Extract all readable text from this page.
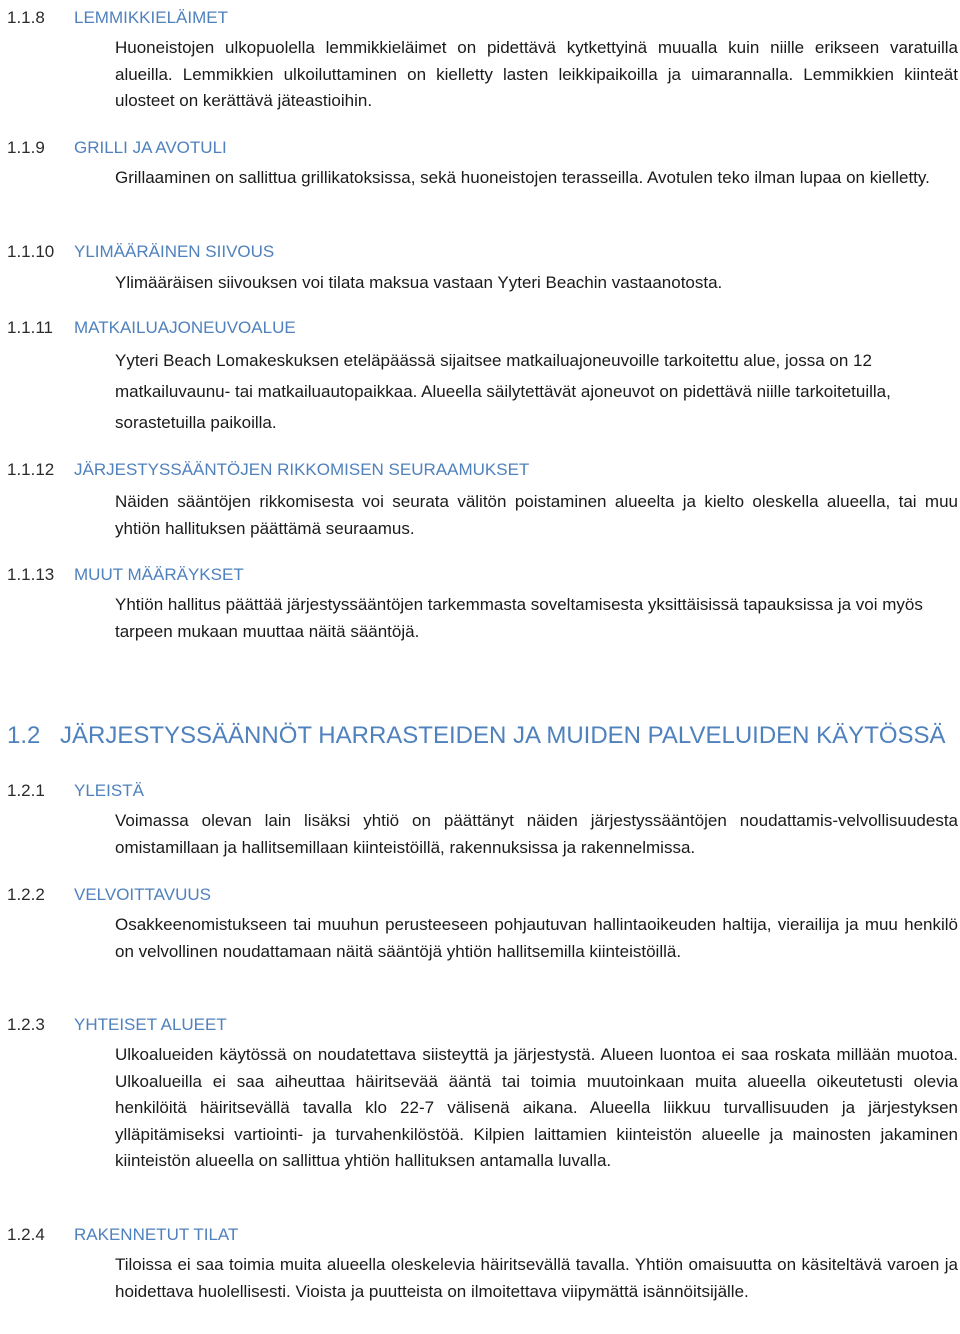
1.1.8 LEMMIKKIELÄIMET

Huoneistojen ulkopuolella lemmikkieläimet on pidettävä kytkettyinä muualla kuin niille erikseen varatuilla alueilla. Lemmikkien ulkoiluttaminen on kielletty lasten leikkipaikoilla ja uimarannalla. Lemmikkien kiinteät ulosteet on kerättävä jäteastioihin.

1.1.9 GRILLI JA AVOTULI

Grillaaminen on sallittua grillikatoksissa, sekä huoneistojen terasseilla. Avotulen teko ilman lupaa on kielletty.

1.1.10 YLIMÄÄRÄINEN SIIVOUS

Ylimääräisen siivouksen voi tilata maksua vastaan Yyteri Beachin vastaanotosta.

1.1.11 MATKAILUAJONEUVOALUE

Yyteri Beach Lomakeskuksen eteläpäässä sijaitsee matkailuajoneuvoille tarkoitettu alue, jossa on 12 matkailuvaunu- tai matkailuautopaikkaa. Alueella säilytettävät ajoneuvot on pidettävä niille tarkoitetuilla, sorastetuilla paikoilla.

1.1.12 JÄRJESTYSSÄÄNTÖJEN RIKKOMISEN SEURAAMUKSET

Näiden sääntöjen rikkomisesta voi seurata välitön poistaminen alueelta ja kielto oleskella alueella, tai muu yhtiön hallituksen päättämä seuraamus.

1.1.13 MUUT MÄÄRÄYKSET

Yhtiön hallitus päättää järjestyssääntöjen tarkemmasta soveltamisesta yksittäisissä tapauksissa ja voi myös tarpeen mukaan muuttaa näitä sääntöjä.

1.2 JÄRJESTYSSÄÄNNÖT HARRASTEIDEN JA MUIDEN PALVELUIDEN KÄYTÖSSÄ
1.2.1 YLEISTÄ

Voimassa olevan lain lisäksi yhtiö on päättänyt näiden järjestyssääntöjen noudattamis-velvollisuudesta omistamillaan ja hallitsemillaan kiinteistöillä, rakennuksissa ja rakennelmissa.

1.2.2 VELVOITTAVUUS

Osakkeenomistukseen tai muuhun perusteeseen pohjautuvan hallintaoikeuden haltija, vierailija ja muu henkilö on velvollinen noudattamaan näitä sääntöjä yhtiön hallitsemilla kiinteistöillä.

1.2.3 YHTEISET ALUEET

Ulkoalueiden käytössä on noudatettava siisteyttä ja järjestystä. Alueen luontoa ei saa roskata millään muotoa. Ulkoalueilla ei saa aiheuttaa häiritsevää ääntä tai toimia muutoinkaan muita alueella oikeutetusti olevia henkilöitä häiritsevällä tavalla klo 22-7 välisenä aikana. Alueella liikkuu turvallisuuden ja järjestyksen ylläpitämiseksi vartiointi- ja turvahenkilöstöä. Kilpien laittamien kiinteistön alueelle ja mainosten jakaminen kiinteistön alueella on sallittua yhtiön hallituksen antamalla luvalla.

1.2.4 RAKENNETUT TILAT

Tiloissa ei saa toimia muita alueella oleskelevia häiritsevällä tavalla. Yhtiön omaisuutta on käsiteltävä varoen ja hoidettava huolellisesti. Vioista ja puutteista on ilmoitettava viipymättä isännöitsijälle.
